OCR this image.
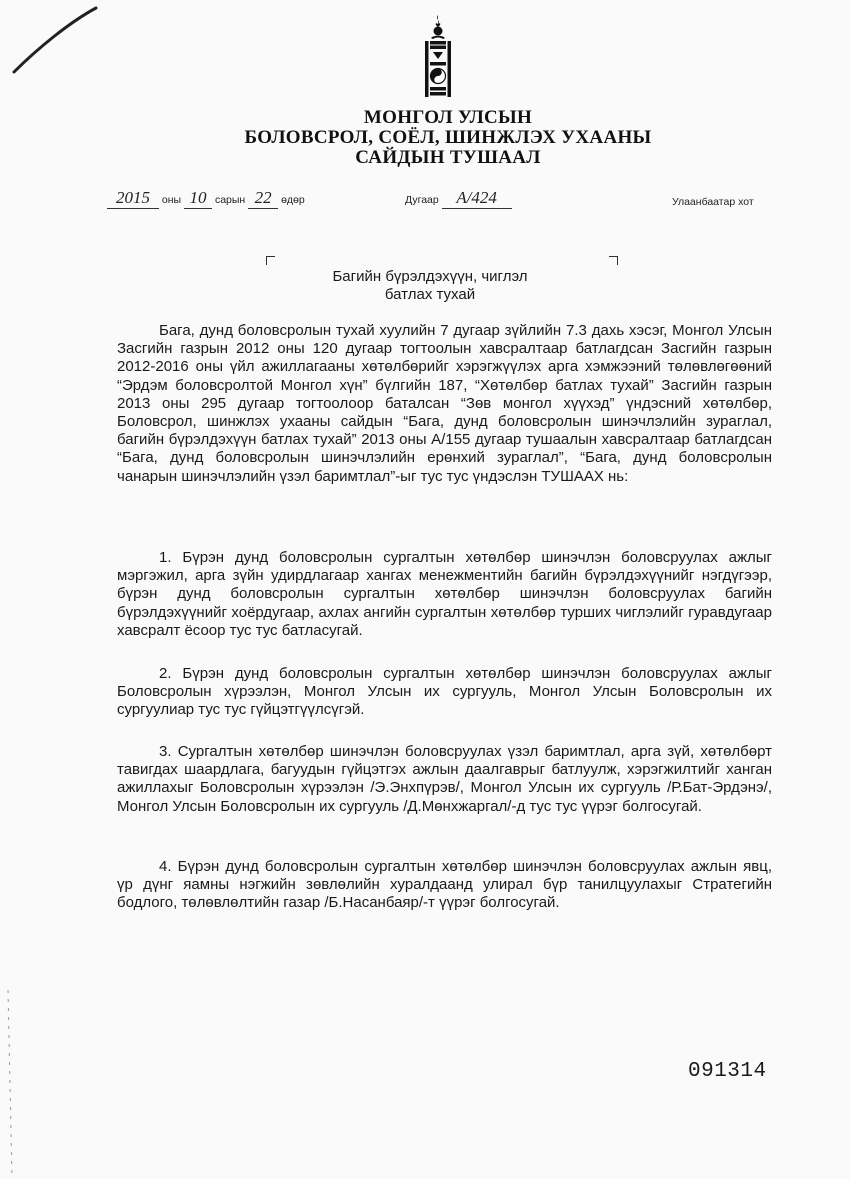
МОНГОЛ УЛСЫН
БОЛОВСРОЛ, СОЁЛ, ШИНЖЛЭХ УХААНЫ
САЙДЫН ТУШААЛ
2015 оны 10 сарын 22 өдөр	Дугаар А/424	Улаанбаатар хот
Багийн бүрэлдэхүүн, чиглэл
батлах тухай
Бага, дунд боловсролын тухай хуулийн 7 дугаар зүйлийн 7.3 дахь хэсэг, Монгол Улсын Засгийн газрын 2012 оны 120 дугаар тогтоолын хавсралтаар батлагдсан Засгийн газрын 2012-2016 оны үйл ажиллагааны хөтөлбөрийг хэрэгжүүлэх арга хэмжээний төлөвлөгөөний “Эрдэм боловсролтой Монгол хүн” бүлгийн 187, “Хөтөлбөр батлах тухай” Засгийн газрын 2013 оны 295 дугаар тогтоолоор баталсан “Зөв монгол хүүхэд” үндэсний хөтөлбөр, Боловсрол, шинжлэх ухааны сайдын “Бага, дунд боловсролын шинэчлэлийн зураглал, багийн бүрэлдэхүүн батлах тухай” 2013 оны А/155 дугаар тушаалын хавсралтаар батлагдсан “Бага, дунд боловсролын шинэчлэлийн ерөнхий зураглал”, “Бага, дунд боловсролын чанарын шинэчлэлийн үзэл баримтлал”-ыг тус тус үндэслэн ТУШААХ нь:
1. Бүрэн дунд боловсролын сургалтын хөтөлбөр шинэчлэн боловсруулах ажлыг мэргэжил, арга зүйн удирдлагаар хангах менежментийн багийн бүрэлдэхүүнийг нэгдүгээр, бүрэн дунд боловсролын сургалтын хөтөлбөр шинэчлэн боловсруулах багийн бүрэлдэхүүнийг хоёрдугаар, ахлах ангийн сургалтын хөтөлбөр турших чиглэлийг гуравдугаар хавсралт ёсоор тус тус батласугай.
2. Бүрэн дунд боловсролын сургалтын хөтөлбөр шинэчлэн боловсруулах ажлыг Боловсролын хүрээлэн, Монгол Улсын их сургууль, Монгол Улсын Боловсролын их сургуулиар тус тус гүйцэтгүүлсүгэй.
3. Сургалтын хөтөлбөр шинэчлэн боловсруулах үзэл баримтлал, арга зүй, хөтөлбөрт тавигдах шаардлага, багуудын гүйцэтгэх ажлын даалгаврыг батлуулж, хэрэгжилтийг ханган ажиллахыг Боловсролын хүрээлэн /Э.Энхпүрэв/, Монгол Улсын их сургууль /Р.Бат-Эрдэнэ/, Монгол Улсын Боловсролын их сургууль /Д.Мөнхжаргал/-д тус тус үүрэг болгосугай.
4. Бүрэн дунд боловсролын сургалтын хөтөлбөр шинэчлэн боловсруулах ажлын явц, үр дүнг яамны нэгжийн зөвлөлийн хуралдаанд улирал бүр танилцуулахыг Стратегийн бодлого, төлөвлөлтийн газар /Б.Насанбаяр/-т үүрэг болгосугай.
091314
